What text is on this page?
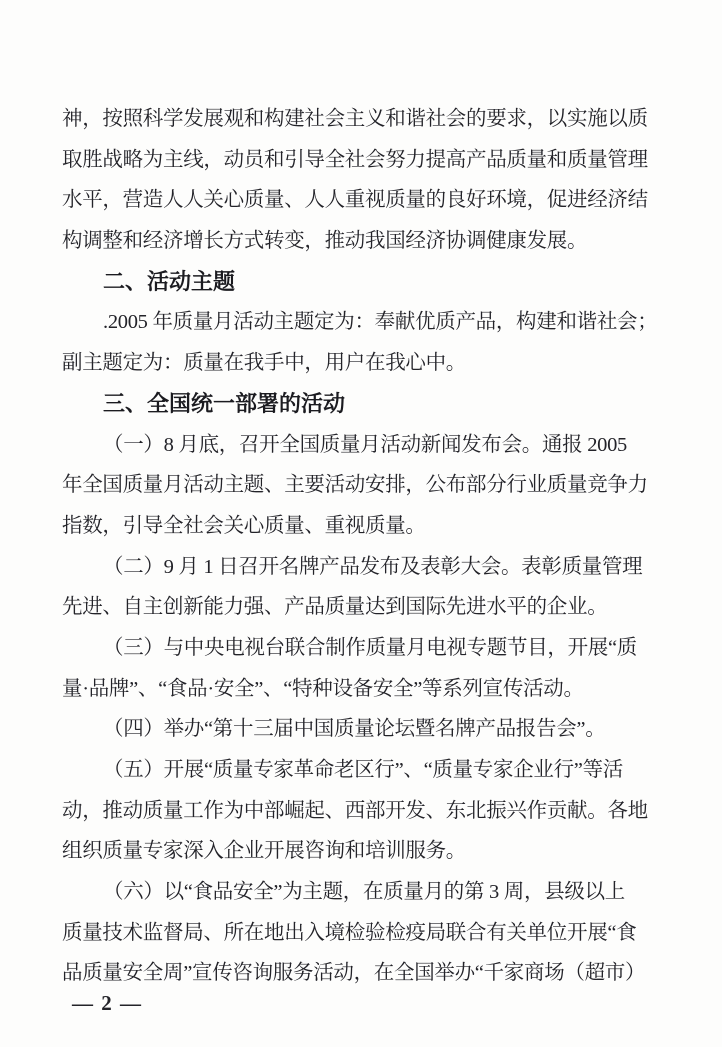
神，按照科学发展观和构建社会主义和谐社会的要求，以实施以质
取胜战略为主线，动员和引导全社会努力提高产品质量和质量管理
水平，营造人人关心质量、人人重视质量的良好环境，促进经济结
构调整和经济增长方式转变，推动我国经济协调健康发展。
二、活动主题
.2005 年质量月活动主题定为：奉献优质产品，构建和谐社会；
副主题定为：质量在我手中，用户在我心中。
三、全国统一部署的活动
（一）8 月底，召开全国质量月活动新闻发布会。通报 2005
年全国质量月活动主题、主要活动安排，公布部分行业质量竞争力
指数，引导全社会关心质量、重视质量。
（二）9 月 1 日召开名牌产品发布及表彰大会。表彰质量管理
先进、自主创新能力强、产品质量达到国际先进水平的企业。
（三）与中央电视台联合制作质量月电视专题节目，开展“质
量·品牌”、“食品·安全”、“特种设备安全”等系列宣传活动。
（四）举办“第十三届中国质量论坛暨名牌产品报告会”。
（五）开展“质量专家革命老区行”、“质量专家企业行”等活
动，推动质量工作为中部崛起、西部开发、东北振兴作贡献。各地
组织质量专家深入企业开展咨询和培训服务。
（六）以“食品安全”为主题，在质量月的第 3 周，县级以上
质量技术监督局、所在地出入境检验检疫局联合有关单位开展“食
品质量安全周”宣传咨询服务活动，在全国举办“千家商场（超市）
— 2 —
